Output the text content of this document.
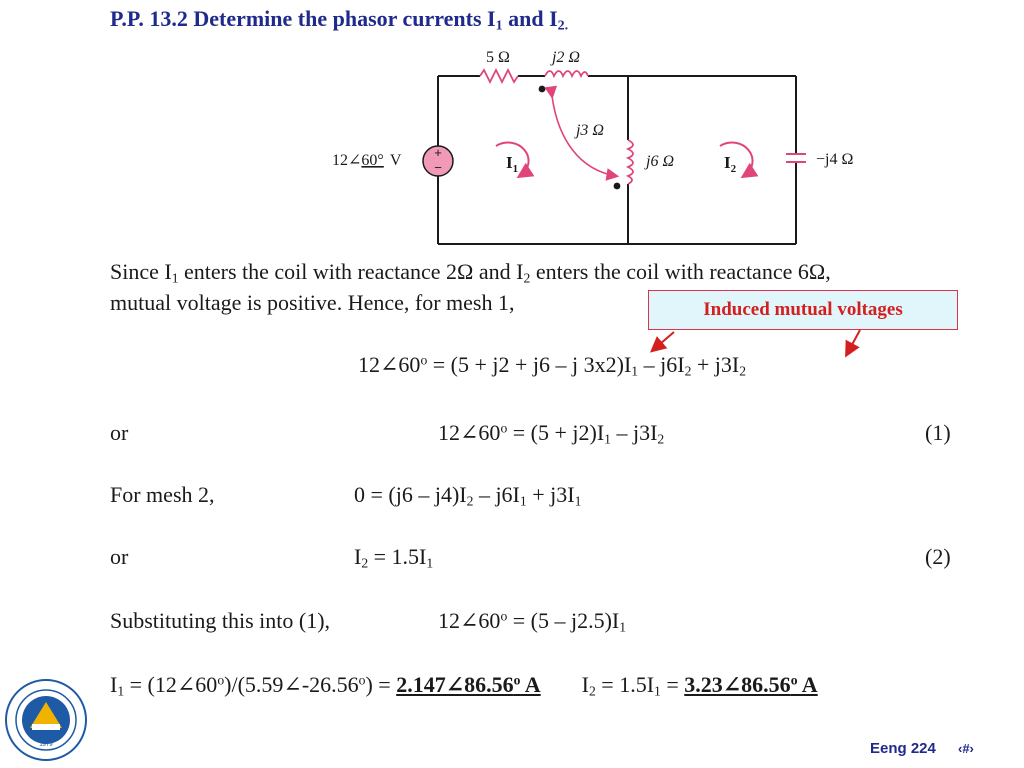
P.P. 13.2 Determine the phasor currents $I_1$ and $I_{2.}$
+
−
5 Ω	j2 Ω
j3 Ω
j6 Ω	−j4 Ω
$I_1$	$I_2$
12∠60° V
Since $I_1$ enters the coil with reactance 2Ω and $I_2$ enters the coil with reactance 6Ω,
mutual voltage is positive. Hence, for mesh 1,	Induced mutual voltages
$12\angle 60^o = (5 + j2 + j6 - j$ $3x2)I_1 - j6I_2 + j3I_2$
or	$12\angle 60^o = (5 + j2)I_1 - j3I_2$	(1)
For mesh 2,	$0 = (j6 - j4)I_2 - j6I_1 + j3I_1$
or	$I_2 = 1.5I_1$	(2)
Substituting this into (1),	$12\angle 60^o = (5 - j2.5)I_1$
$I_1$ = $(12\angle 60^o)/(5.59\angle-26.56^o)$ = $2.147\angle 86.56^o$ A $I_2 = 1.5I_1$ = $3.23\angle 86.56^o$ A
1979	Eeng 224 ‹#›
